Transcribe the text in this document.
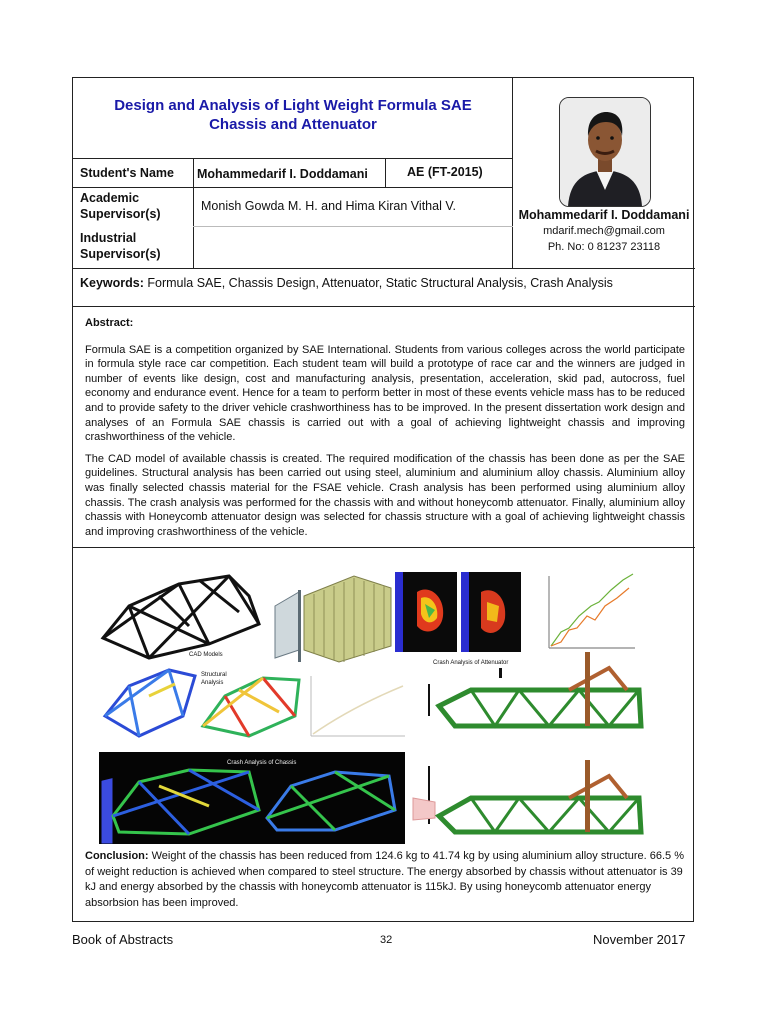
Design and Analysis of Light Weight Formula SAE
Chassis and Attenuator
Student's Name Mohammedarif I. Doddamani	AE (FT-2015)
Academic
Supervisor(s)
Monish Gowda M. H. and Hima Kiran Vithal V.
Industrial
Supervisor(s)
Mohammedarif I. Doddamani
mdarif.mech@gmail.com
Ph. No: 0 81237 23118
Keywords: Formula SAE, Chassis Design, Attenuator, Static Structural Analysis, Crash Analysis

Abstract:

Formula SAE is a competition organized by SAE International. Students from various colleges across the world participate in formula style race car competition. Each student team will build a prototype of race car and the winners are judged in number of events like design, cost and manufacturing analysis, presentation, acceleration, skid pad, autocross, fuel economy and endurance event. Hence for a team to perform better in most of these events vehicle mass has to be reduced and to provide safety to the driver vehicle crashworthiness has to be improved. In the present dissertation work design and analyses of an Formula SAE chassis is carried out with a goal of achieving lightweight chassis and improving crashworthiness of the vehicle.

The CAD model of available chassis is created. The required modification of the chassis has been done as per the SAE guidelines. Structural analysis has been carried out using steel, aluminium and aluminium alloy chassis. Aluminium alloy was finally selected chassis material for the FSAE vehicle. Crash analysis has been performed using aluminium alloy chassis. The crash analysis was performed for the chassis with and without honeycomb attenuator. Finally, aluminium alloy chassis with Honeycomb attenuator design was selected for chassis structure with a goal of achieving lightweight chassis and improving crashworthiness of the vehicle.

CAD Models
Crash Analysis of Attenuator
Structural
Analysis
Crash Analysis of Chassis
Conclusion: Weight of the chassis has been reduced from 124.6 kg to 41.74 kg by using aluminium alloy structure. 66.5 % of weight reduction is achieved when compared to steel structure. The energy absorbed by chassis without attenuator is 39 kJ and energy absorbed by the chassis with honeycomb attenuator is 115kJ. By using honeycomb attenuator energy absorbsion has been improved.
Book of Abstracts	32	November 2017
